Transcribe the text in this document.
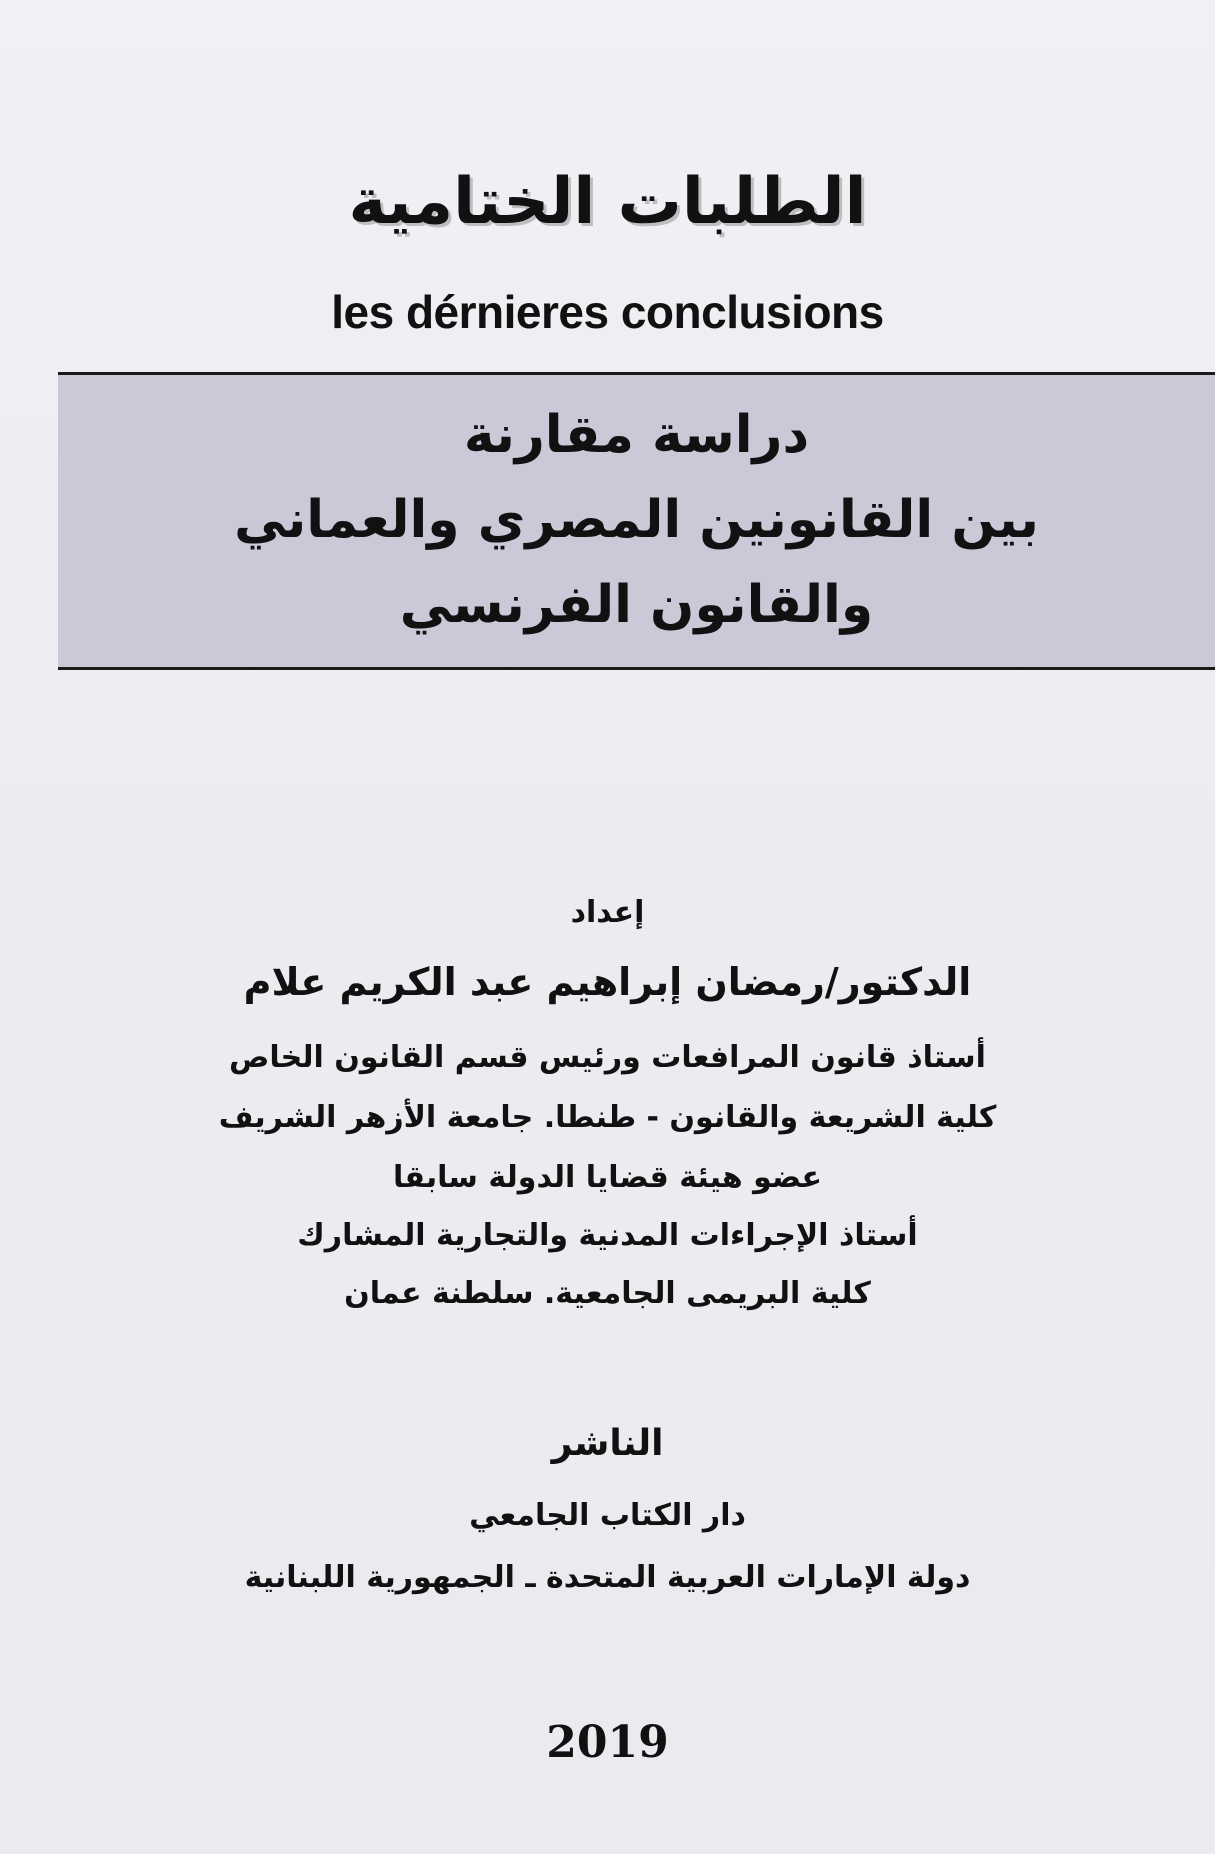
الطلبات الختامية
les dérnieres conclusions
دراسة مقارنة
بين القانونين المصري والعماني
والقانون الفرنسي
إعداد
الدكتور/رمضان إبراهيم عبد الكريم علام
أستاذ قانون المرافعات ورئيس قسم القانون الخاص
كلية الشريعة والقانون - طنطا. جامعة الأزهر الشريف
عضو هيئة قضايا الدولة سابقا
أستاذ الإجراءات المدنية والتجارية المشارك
كلية البريمى الجامعية. سلطنة عمان
الناشر
دار الكتاب الجامعي
دولة الإمارات العربية المتحدة ـ الجمهورية اللبنانية
2019
